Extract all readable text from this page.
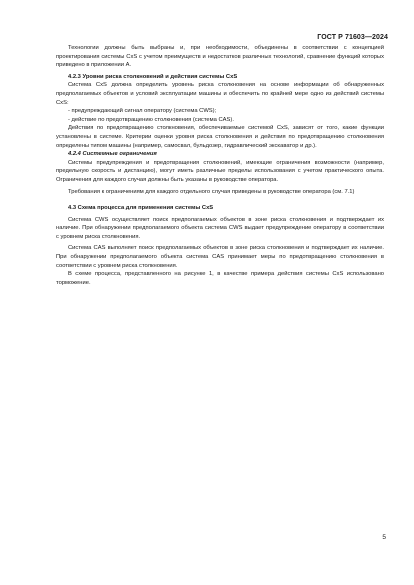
ГОСТ Р 71603—2024

Технологии должны быть выбраны и, при необходимости, объединены в соответствии с концепцией проектирования системы CxS с учетом преимуществ и недостатков различных технологий, сравнение функций которых приведено в приложении А.

4.2.3 Уровни риска столкновений и действия системы CxS

Система CxS должна определить уровень риска столкновения на основе информации об обнаруженных предполагаемых объектов и условий эксплуатации машины и обеспечить по крайней мере одно из действий системы CxS:

- предупреждающий сигнал оператору (система CWS);

- действие по предотвращению столкновения (система CAS).

Действия по предотвращению столкновения, обеспечиваемые системой CxS, зависят от того, какие функции установлены в системе. Критерии оценки уровня риска столкновения и действия по предотвращению столкновения определены типом машины (например, самосвал, бульдозер, гидравлический экскаватор и др.).

4.2.4 Системные ограничения

Системы предупреждения и предотвращения столкновений, имеющие ограничения возможности (например, предельную скорость и дистанцию), могут иметь различные пределы использования с учетом практического опыта. Ограничения для каждого случая должны быть указаны в руководстве оператора.

Требования к ограничениям для каждого отдельного случая приведены в руководстве оператора (см. 7.1)

4.3 Схема процесса для применения системы CxS

Система CWS осуществляет поиск предполагаемых объектов в зоне риска столкновения и подтверждает их наличие. При обнаружении предполагаемого объекта система CWS выдает предупреждение оператору в соответствии с уровнем риска столкновения.

Система CAS выполняет поиск предполагаемых объектов в зоне риска столкновения и подтверждает их наличие. При обнаружении предполагаемого объекта система CAS принимает меры по предотвращению столкновения в соответствии с уровнем риска столкновения.

В схеме процесса, представленного на рисунке 1, в качестве примера действия системы CxS использовано торможение.

5
